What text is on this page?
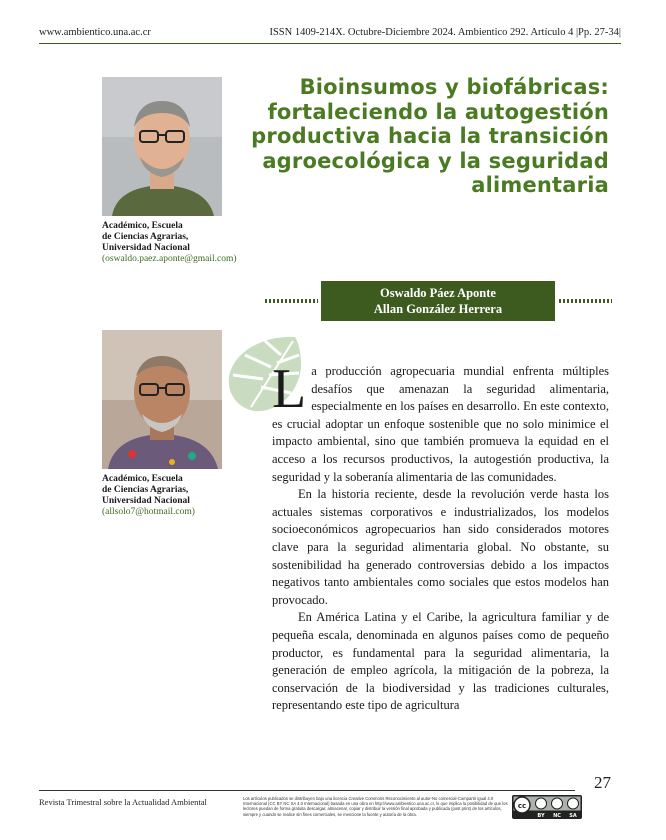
www.ambientico.una.ac.cr	ISSN 1409-214X. Octubre-Diciembre 2024. Ambientico 292. Artículo 4 |Pp. 27-34|
Académico, Escuela
de Ciencias Agrarias,
Universidad Nacional
(oswaldo.paez.aponte@gmail.com)
Bioinsumos y biofábricas: fortaleciendo la autogestión productiva hacia la transición agroecológica y la seguridad alimentaria
Oswaldo Páez Aponte
Allan González Herrera
Académico, Escuela
de Ciencias Agrarias,
Universidad Nacional
(allsolo7@hotmail.com)

La producción agropecuaria mundial enfrenta múltiples desafíos que amenazan la seguridad alimentaria, especialmente en los países en desarrollo. En este contexto, es crucial adoptar un enfoque sostenible que no solo minimice el impacto ambiental, sino que también promueva la equidad en el acceso a los recursos productivos, la autogestión productiva, la seguridad y la soberanía alimentaria de las comunidades.

En la historia reciente, desde la revolución verde hasta los actuales sistemas corporativos e industrializados, los modelos socioeconómicos agropecuarios han sido considerados motores clave para la seguridad alimentaria global. No obstante, su sostenibilidad ha generado controversias debido a los impactos negativos tanto ambientales como sociales que estos modelos han provocado.

En América Latina y el Caribe, la agricultura familiar y de pequeña escala, denominada en algunos países como de pequeño productor, es fundamental para la seguridad alimentaria, la generación de empleo agrícola, la mitigación de la pobreza, la conservación de la biodiversidad y las tradiciones culturales, representando este tipo de agricultura

27
Revista Trimestral sobre la Actualidad Ambiental	Los artículos publicados se distribuyen bajo una licencia Creative Commons Reconocimiento al autor-No comercial-Compartir igual 4.0 Internacional (CC BY NC SA 4.0 Internacional) basada en una obra en http://www.ambientico.una.ac.cr, lo que implica la posibilidad de que los lectores puedan de forma gratuita descargar, almacenar, copiar y distribuir la versión final aprobada y publicada (post print) de los artículos, siempre y cuando se realice sin fines comerciales, se mencione la fuente y autoría de la obra.
cc
BY NC SA
